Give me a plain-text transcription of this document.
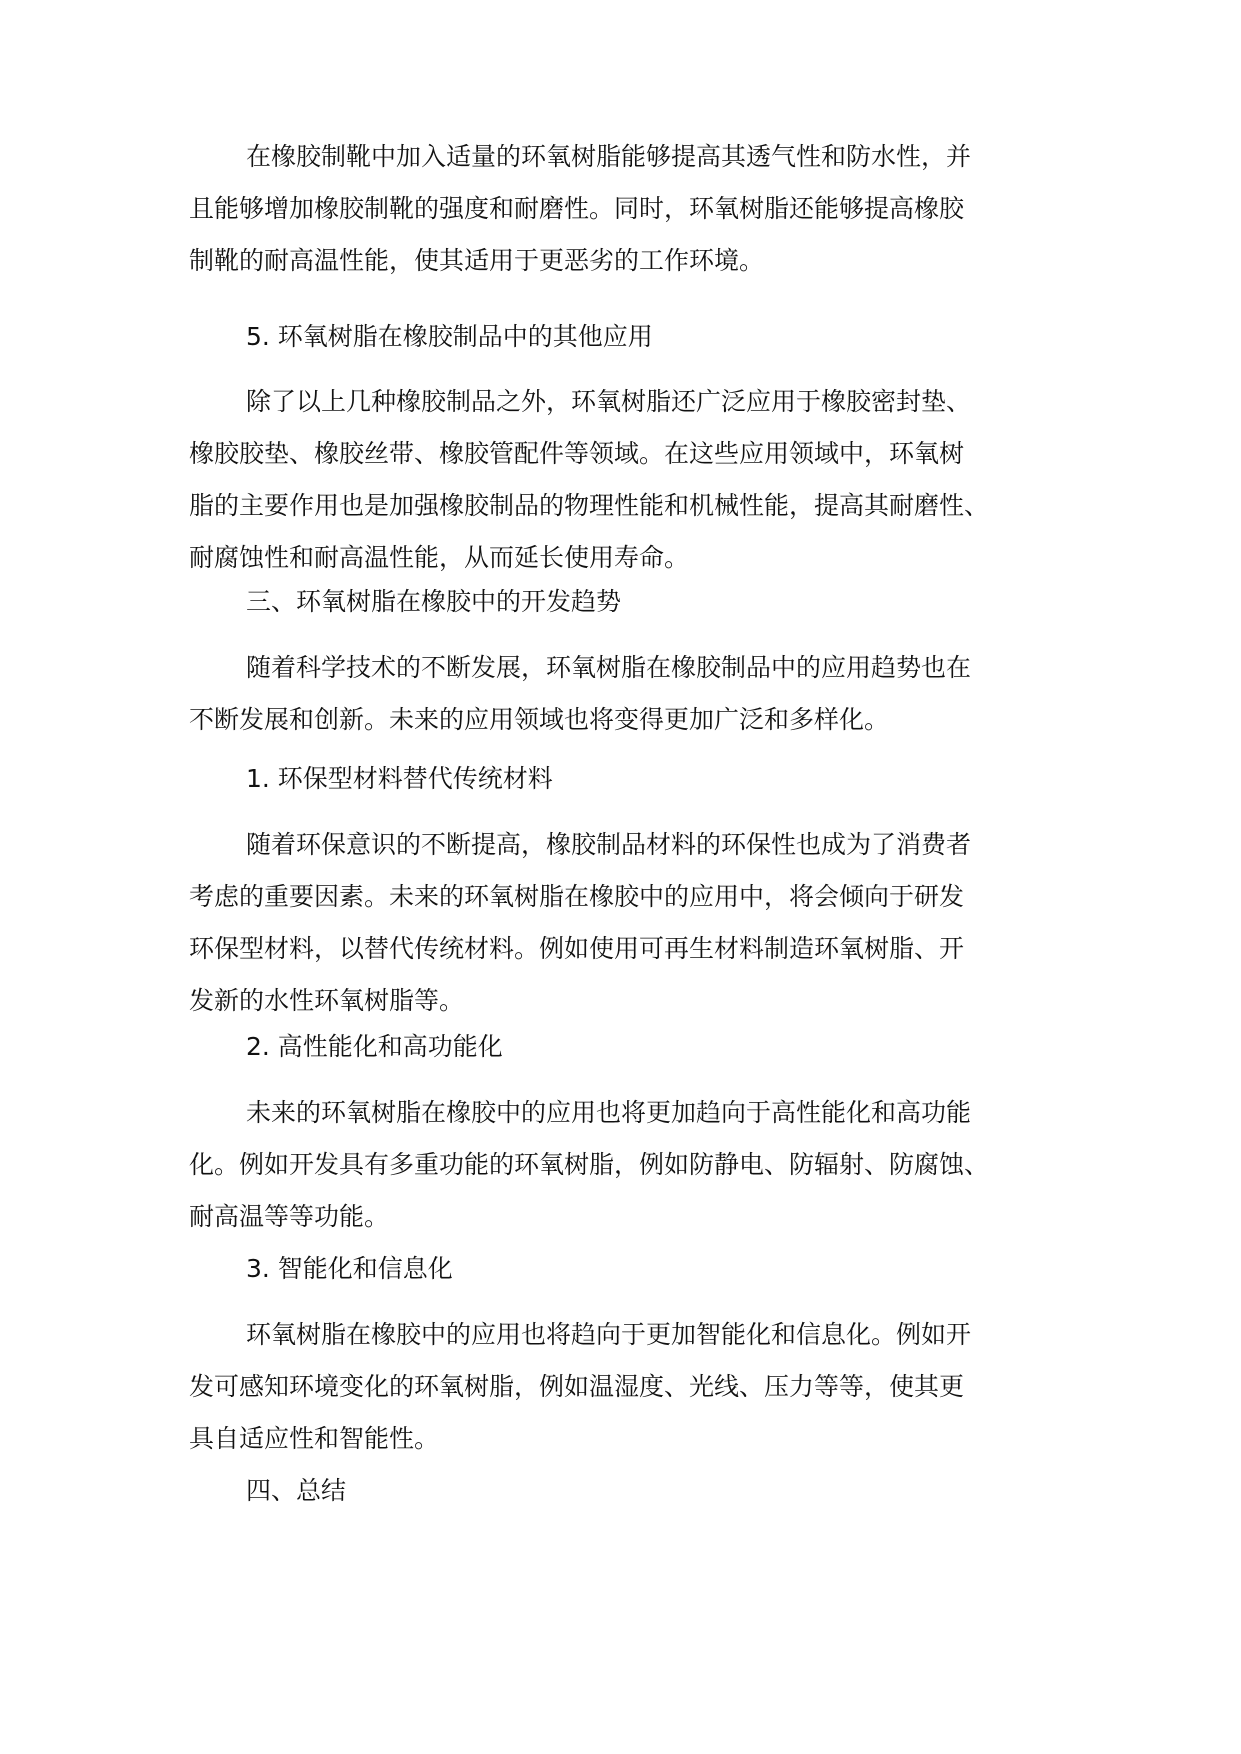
在橡胶制靴中加入适量的环氧树脂能够提高其透气性和防水性，并
且能够增加橡胶制靴的强度和耐磨性。同时，环氧树脂还能够提高橡胶
制靴的耐高温性能，使其适用于更恶劣的工作环境。
5. 环氧树脂在橡胶制品中的其他应用
除了以上几种橡胶制品之外，环氧树脂还广泛应用于橡胶密封垫、
橡胶胶垫、橡胶丝带、橡胶管配件等领域。在这些应用领域中，环氧树
脂的主要作用也是加强橡胶制品的物理性能和机械性能，提高其耐磨性、
耐腐蚀性和耐高温性能，从而延长使用寿命。
三、环氧树脂在橡胶中的开发趋势
随着科学技术的不断发展，环氧树脂在橡胶制品中的应用趋势也在
不断发展和创新。未来的应用领域也将变得更加广泛和多样化。
1. 环保型材料替代传统材料
随着环保意识的不断提高，橡胶制品材料的环保性也成为了消费者
考虑的重要因素。未来的环氧树脂在橡胶中的应用中，将会倾向于研发
环保型材料，以替代传统材料。例如使用可再生材料制造环氧树脂、开
发新的水性环氧树脂等。
2. 高性能化和高功能化
未来的环氧树脂在橡胶中的应用也将更加趋向于高性能化和高功能
化。例如开发具有多重功能的环氧树脂，例如防静电、防辐射、防腐蚀、
耐高温等等功能。
3. 智能化和信息化
环氧树脂在橡胶中的应用也将趋向于更加智能化和信息化。例如开
发可感知环境变化的环氧树脂，例如温湿度、光线、压力等等，使其更
具自适应性和智能性。
四、总结
